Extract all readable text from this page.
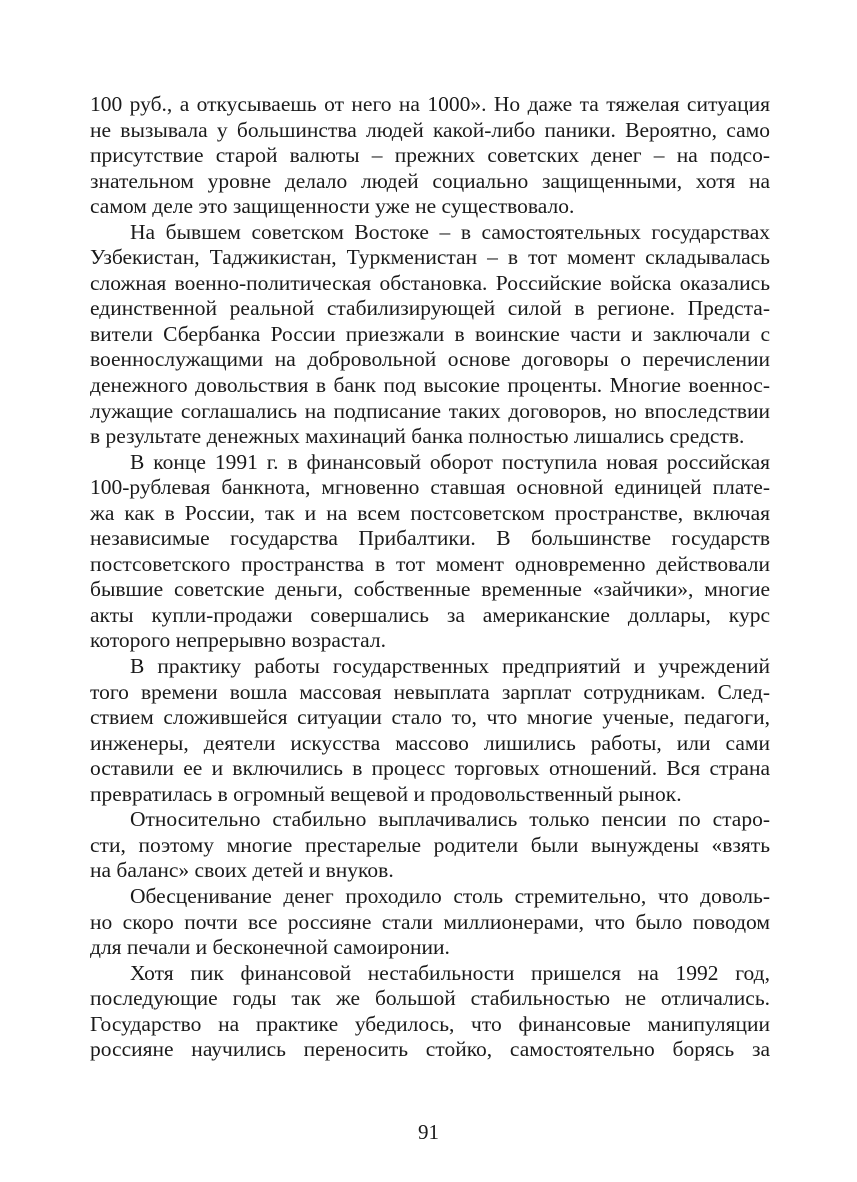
100 руб., а откусываешь от него на 1000». Но даже та тяжелая ситуация
не вызывала у большинства людей какой-либо паники. Вероятно, само
присутствие старой валюты – прежних советских денег – на подсо-
знательном уровне делало людей социально защищенными, хотя на
самом деле это защищенности уже не существовало.
На бывшем советском Востоке – в самостоятельных государствах
Узбекистан, Таджикистан, Туркменистан – в тот момент складывалась
сложная военно-политическая обстановка. Российские войска оказались
единственной реальной стабилизирующей силой в регионе. Предста-
вители Сбербанка России приезжали в воинские части и заключали с
военнослужащими на добровольной основе договоры о перечислении
денежного довольствия в банк под высокие проценты. Многие военнос-
лужащие соглашались на подписание таких договоров, но впоследствии
в результате денежных махинаций банка полностью лишались средств.
В конце 1991 г. в финансовый оборот поступила новая российская
100-рублевая банкнота, мгновенно ставшая основной единицей плате-
жа как в России, так и на всем постсоветском пространстве, включая
независимые государства Прибалтики. В большинстве государств
постсоветского пространства в тот момент одновременно действовали
бывшие советские деньги, собственные временные «зайчики», многие
акты купли-продажи совершались за американские доллары, курс
которого непрерывно возрастал.
В практику работы государственных предприятий и учреждений
того времени вошла массовая невыплата зарплат сотрудникам. След-
ствием сложившейся ситуации стало то, что многие ученые, педагоги,
инженеры, деятели искусства массово лишились работы, или сами
оставили ее и включились в процесс торговых отношений. Вся страна
превратилась в огромный вещевой и продовольственный рынок.
Относительно стабильно выплачивались только пенсии по старо-
сти, поэтому многие престарелые родители были вынуждены «взять
на баланс» своих детей и внуков.
Обесценивание денег проходило столь стремительно, что доволь-
но скоро почти все россияне стали миллионерами, что было поводом
для печали и бесконечной самоиронии.
Хотя пик финансовой нестабильности пришелся на 1992 год,
последующие годы так же большой стабильностью не отличались.
Государство на практике убедилось, что финансовые манипуляции
россияне научились переносить стойко, самостоятельно борясь за
91
